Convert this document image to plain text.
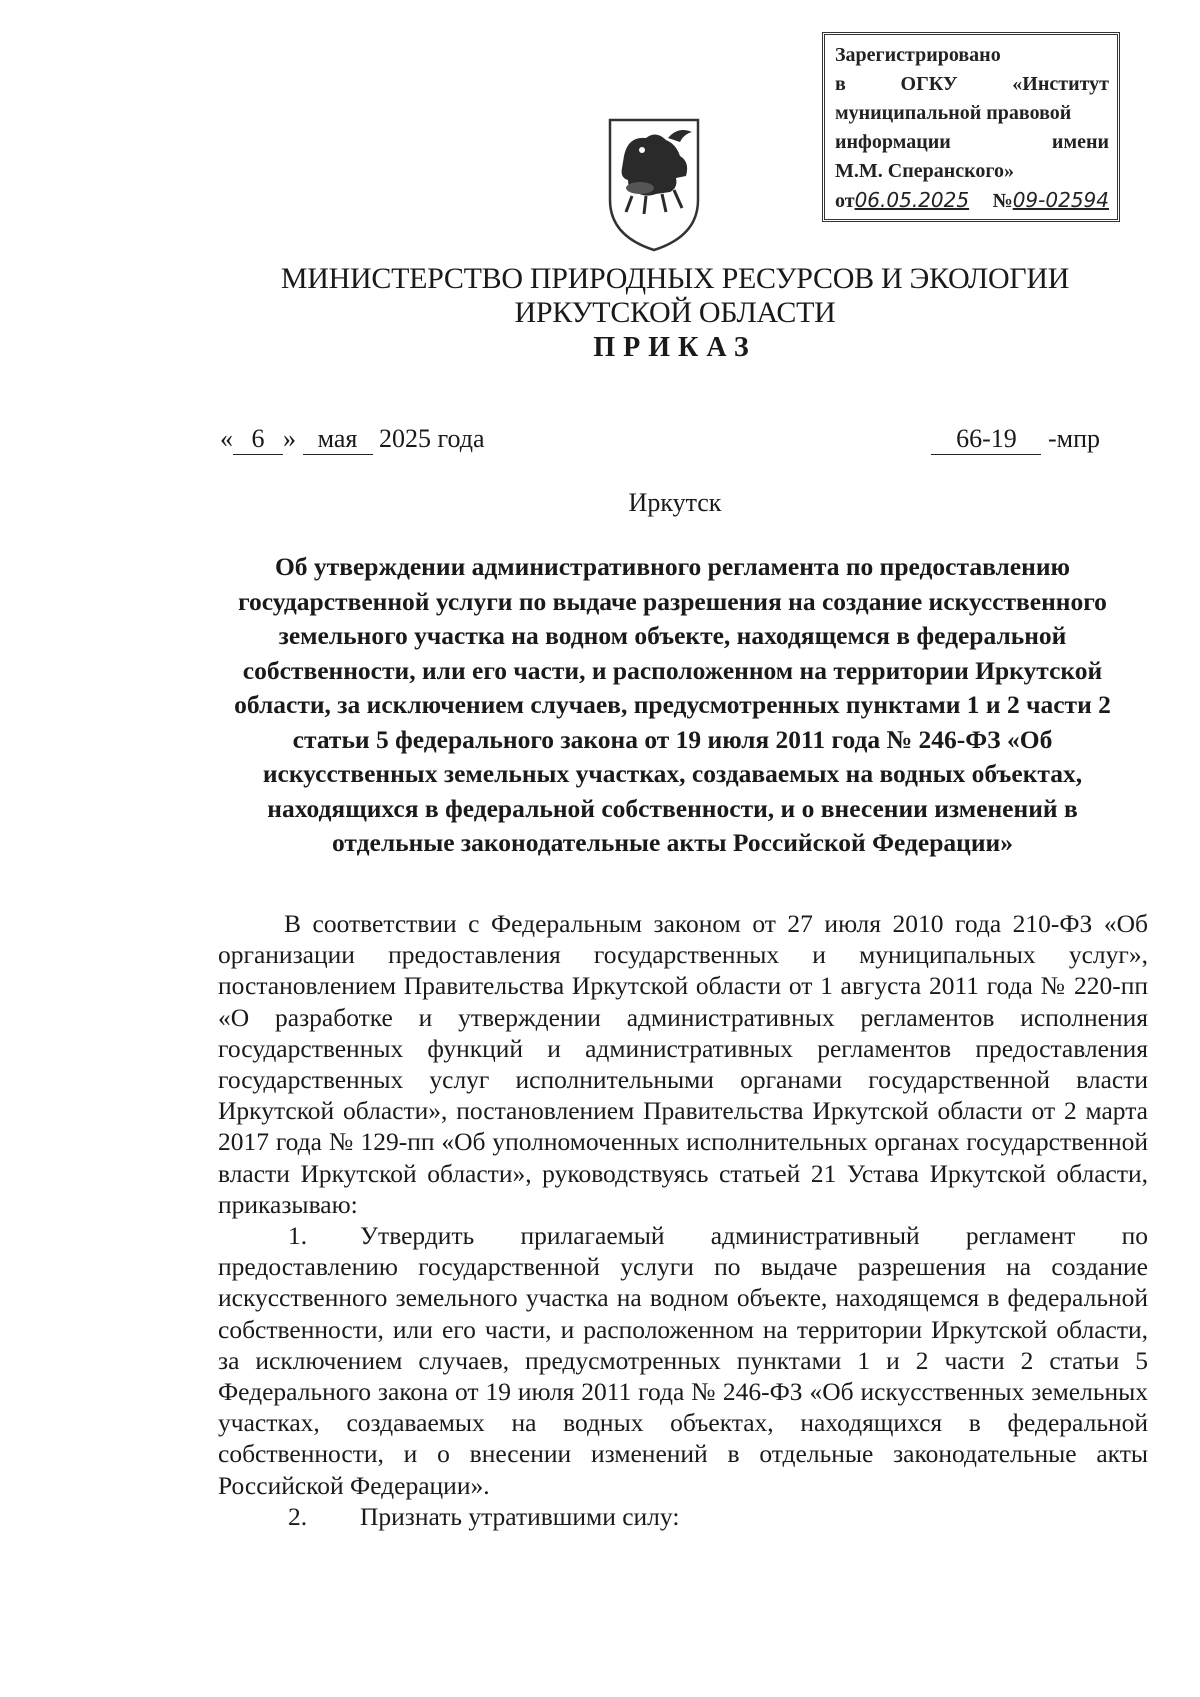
Зарегистрировано
в	ОГКУ	«Институт
муниципальной правовой
информации	имени
М.М. Сперанского»
от06.05.2025 №09-02594
МИНИСТЕРСТВО ПРИРОДНЫХ РЕСУРСОВ И ЭКОЛОГИИ
ИРКУТСКОЙ ОБЛАСТИ
ПРИКАЗ
« 6 » мая 2025 года	66-19 -мпр
Иркутск
Об утверждении административного регламента по предоставлению государственной услуги по выдаче разрешения на создание искусственного земельного участка на водном объекте, находящемся в федеральной собственности, или его части, и расположенном на территории Иркутской области, за исключением случаев, предусмотренных пунктами 1 и 2 части 2 статьи 5 федерального закона от 19 июля 2011 года № 246-ФЗ «Об искусственных земельных участках, создаваемых на водных объектах, находящихся в федеральной собственности, и о внесении изменений в отдельные законодательные акты Российской Федерации»

В соответствии с Федеральным законом от 27 июля 2010 года 210-ФЗ «Об организации предоставления государственных и муниципальных услуг», постановлением Правительства Иркутской области от 1 августа 2011 года № 220-пп «О разработке и утверждении административных регламентов исполнения государственных функций и административных регламентов предоставления государственных услуг исполнительными органами государственной власти Иркутской области», постановлением Правительства Иркутской области от 2 марта 2017 года № 129-пп «Об уполномоченных исполнительных органах государственной власти Иркутской области», руководствуясь статьей 21 Устава Иркутской области, приказываю:

1. Утвердить прилагаемый административный регламент по предоставлению государственной услуги по выдаче разрешения на создание искусственного земельного участка на водном объекте, находящемся в федеральной собственности, или его части, и расположенном на территории Иркутской области, за исключением случаев, предусмотренных пунктами 1 и 2 части 2 статьи 5 Федерального закона от 19 июля 2011 года № 246-ФЗ «Об искусственных земельных участках, создаваемых на водных объектах, находящихся в федеральной собственности, и о внесении изменений в отдельные законодательные акты Российской Федерации».

2. Признать утратившими силу:
